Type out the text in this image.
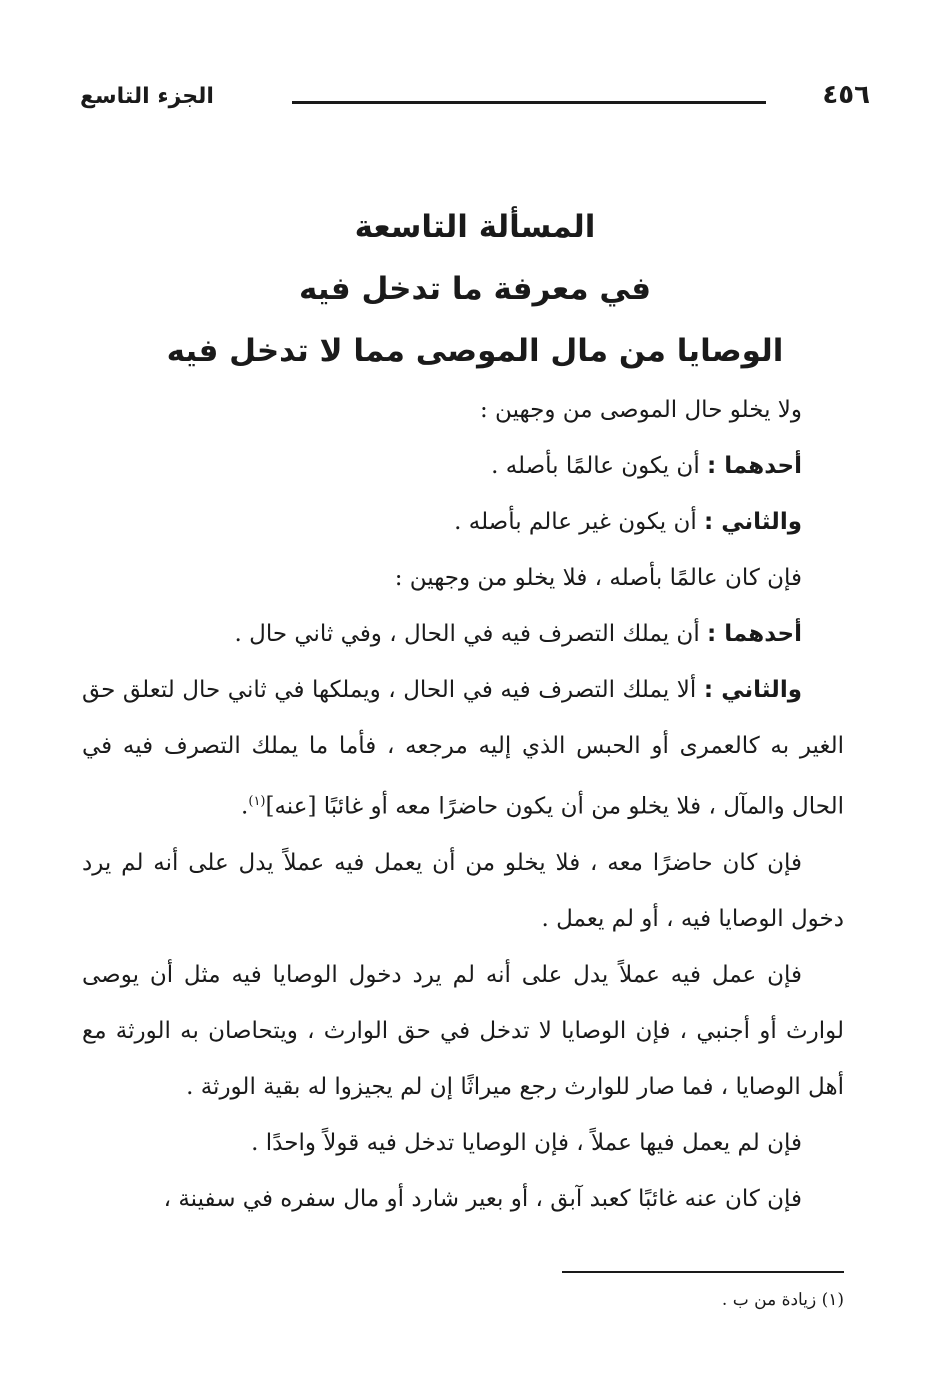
الجزء التاسع	٤٥٦
المسألة التاسعة
في معرفة ما تدخل فيه
الوصايا من مال الموصى مما لا تدخل فيه

ولا يخلو حال الموصى من وجهين :

أحدهما : أن يكون عالمًا بأصله .

والثاني : أن يكون غير عالم بأصله .

فإن كان عالمًا بأصله ، فلا يخلو من وجهين :

أحدهما : أن يملك التصرف فيه في الحال ، وفي ثاني حال .

والثاني : ألا يملك التصرف فيه في الحال ، ويملكها في ثاني حال لتعلق حق الغير به كالعمرى أو الحبس الذي إليه مرجعه ، فأما ما يملك التصرف فيه في الحال والمآل ، فلا يخلو من أن يكون حاضرًا معه أو غائبًا [عنه]$^{(١)}$.

فإن كان حاضرًا معه ، فلا يخلو من أن يعمل فيه عملاً يدل على أنه لم يرد دخول الوصايا فيه ، أو لم يعمل .

فإن عمل فيه عملاً يدل على أنه لم يرد دخول الوصايا فيه مثل أن يوصى لوارث أو أجنبي ، فإن الوصايا لا تدخل في حق الوارث ، ويتحاصان به الورثة مع أهل الوصايا ، فما صار للوارث رجع ميراثًا إن لم يجيزوا له بقية الورثة .

فإن لم يعمل فيها عملاً ، فإن الوصايا تدخل فيه قولاً واحدًا .

فإن كان عنه غائبًا كعبد آبق ، أو بعير شارد أو مال سفره في سفينة ،

(١) زيادة من ب .
